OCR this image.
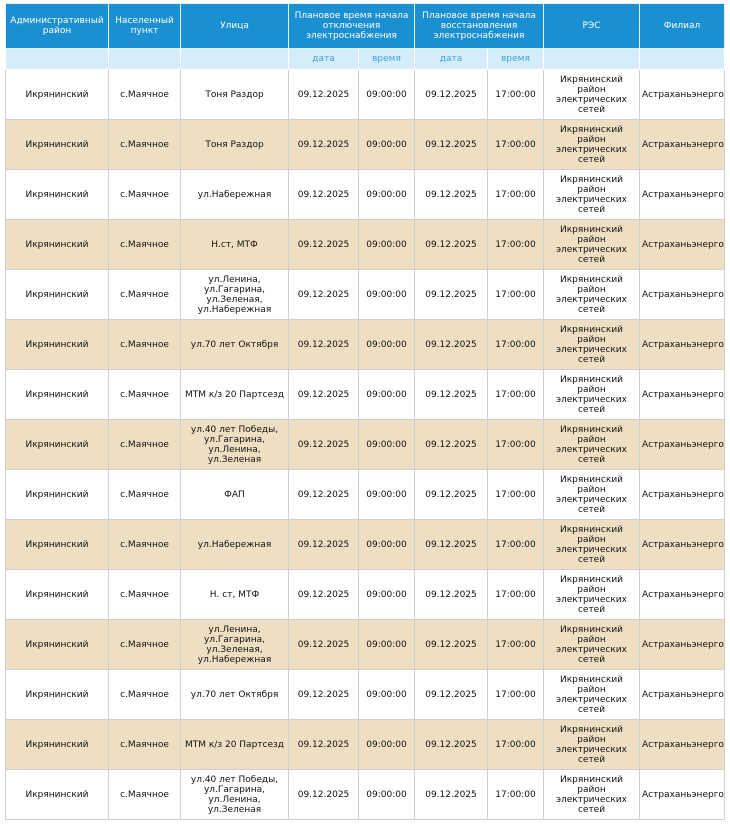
Административный район	Населенный пункт	Улица	Плановое время начала отключения электроснабжения		Плановое время начала восстановления электроснабжения		РЭС	Филиал
			дата	время	дата	время		
Икрянинский	с.Маячное	Тоня Раздор	09.12.2025	09:00:00	09.12.2025	17:00:00	Икрянинский район электрических сетей	Астраханьэнерго
Икрянинский	с.Маячное	Тоня Раздор	09.12.2025	09:00:00	09.12.2025	17:00:00	Икрянинский район электрических сетей	Астраханьэнерго
Икрянинский	с.Маячное	ул.Набережная	09.12.2025	09:00:00	09.12.2025	17:00:00	Икрянинский район электрических сетей	Астраханьэнерго
Икрянинский	с.Маячное	Н.ст, МТФ	09.12.2025	09:00:00	09.12.2025	17:00:00	Икрянинский район электрических сетей	Астраханьэнерго
Икрянинский	с.Маячное	ул.Ленина, ул.Гагарина, ул.Зеленая, ул.Набережная	09.12.2025	09:00:00	09.12.2025	17:00:00	Икрянинский район электрических сетей	Астраханьэнерго
Икрянинский	с.Маячное	ул.70 лет Октября	09.12.2025	09:00:00	09.12.2025	17:00:00	Икрянинский район электрических сетей	Астраханьэнерго
Икрянинский	с.Маячное	МТМ к/з 20 Партсезд	09.12.2025	09:00:00	09.12.2025	17:00:00	Икрянинский район электрических сетей	Астраханьэнерго
Икрянинский	с.Маячное	ул.40 лет Победы, ул.Гагарина, ул.Ленина, ул.Зеленая	09.12.2025	09:00:00	09.12.2025	17:00:00	Икрянинский район электрических сетей	Астраханьэнерго
Икрянинский	с.Маячное	ФАП	09.12.2025	09:00:00	09.12.2025	17:00:00	Икрянинский район электрических сетей	Астраханьэнерго
Икрянинский	с.Маячное	ул.Набережная	09.12.2025	09:00:00	09.12.2025	17:00:00	Икрянинский район электрических сетей	Астраханьэнерго
Икрянинский	с.Маячное	Н. ст, МТФ	09.12.2025	09:00:00	09.12.2025	17:00:00	Икрянинский район электрических сетей	Астраханьэнерго
Икрянинский	с.Маячное	ул.Ленина, ул.Гагарина, ул.Зеленая, ул.Набережная	09.12.2025	09:00:00	09.12.2025	17:00:00	Икрянинский район электрических сетей	Астраханьэнерго
Икрянинский	с.Маячное	ул.70 лет Октября	09.12.2025	09:00:00	09.12.2025	17:00:00	Икрянинский район электрических сетей	Астраханьэнерго
Икрянинский	с.Маячное	МТМ к/з 20 Партсезд	09.12.2025	09:00:00	09.12.2025	17:00:00	Икрянинский район электрических сетей	Астраханьэнерго
Икрянинский	с.Маячное	ул.40 лет Победы, ул.Гагарина, ул.Ленина, ул.Зеленая	09.12.2025	09:00:00	09.12.2025	17:00:00	Икрянинский район электрических сетей	Астраханьэнерго
